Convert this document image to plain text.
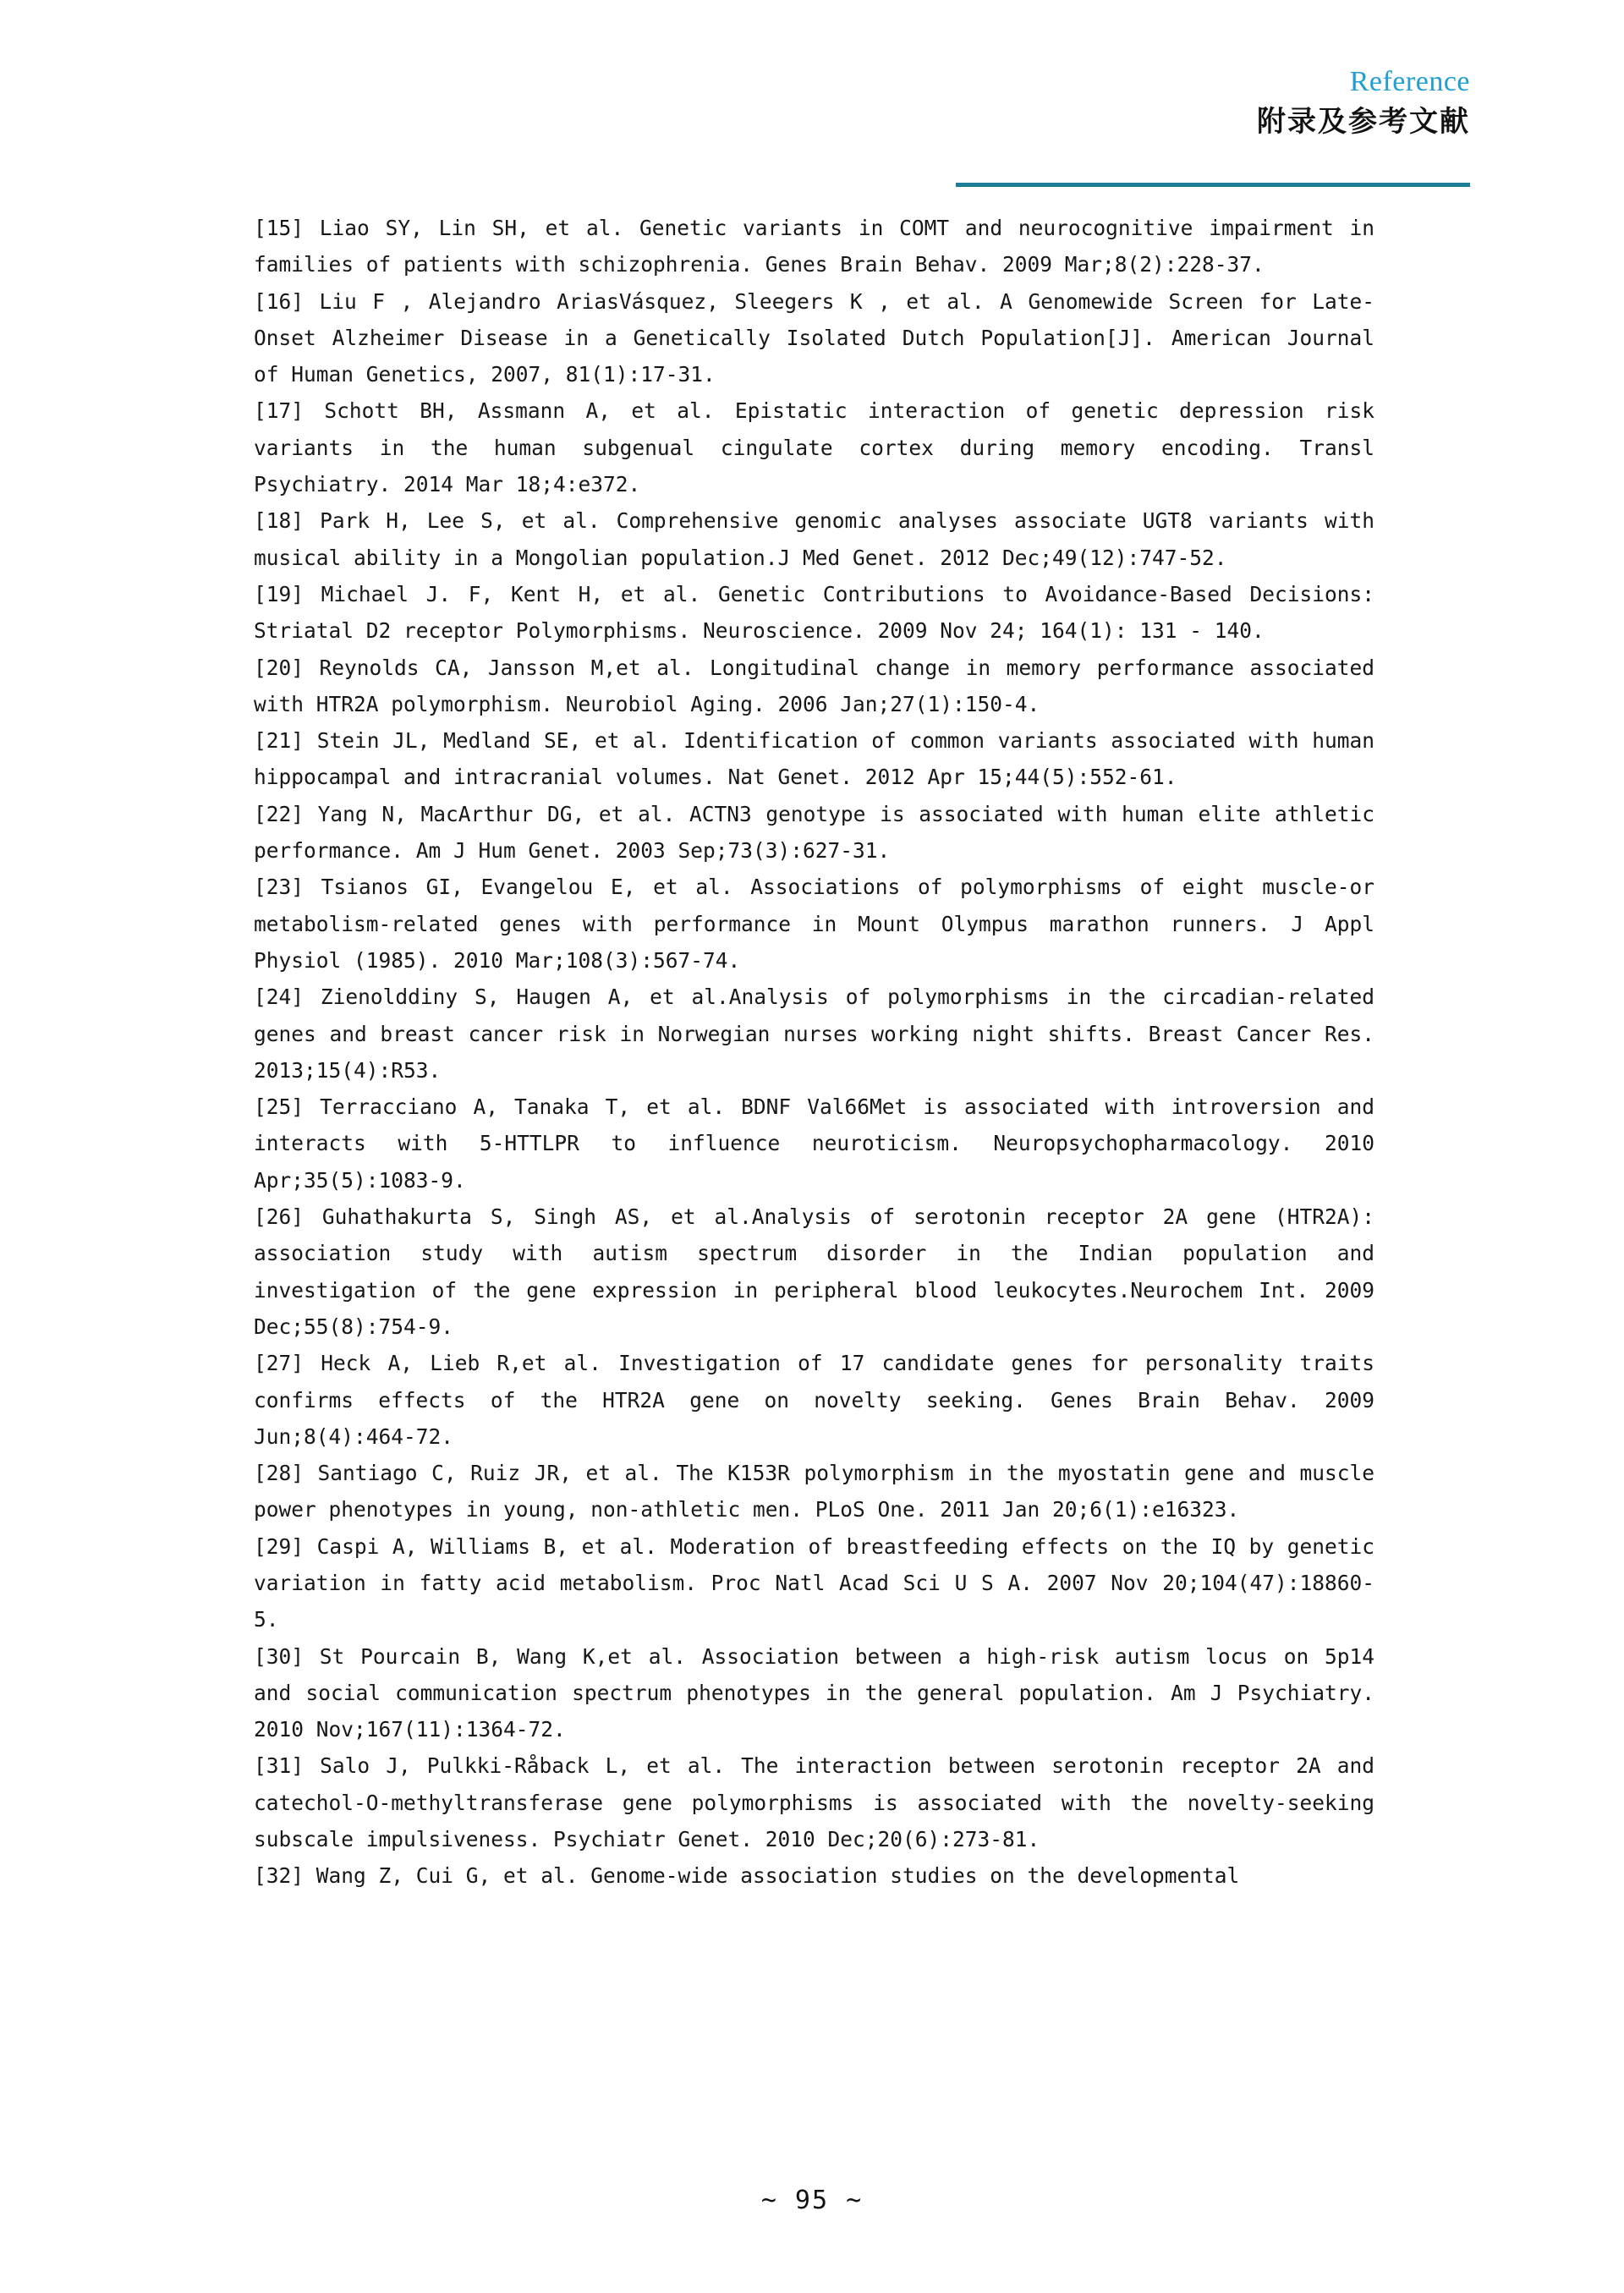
Reference
附录及参考文献

[15] Liao SY, Lin SH, et al. Genetic variants in COMT and neurocognitive impairment in families of patients with schizophrenia. Genes Brain Behav. 2009 Mar;8(2):228-37.

[16] Liu F , Alejandro AriasVásquez, Sleegers K , et al. A Genomewide Screen for Late-Onset Alzheimer Disease in a Genetically Isolated Dutch Population[J]. American Journal of Human Genetics, 2007, 81(1):17-31.

[17] Schott BH, Assmann A, et al. Epistatic interaction of genetic depression risk variants in the human subgenual cingulate cortex during memory encoding. Transl Psychiatry. 2014 Mar 18;4:e372.

[18] Park H, Lee S, et al. Comprehensive genomic analyses associate UGT8 variants with musical ability in a Mongolian population.J Med Genet. 2012 Dec;49(12):747-52.

[19] Michael J. F, Kent H, et al. Genetic Contributions to Avoidance-Based Decisions: Striatal D2 receptor Polymorphisms. Neuroscience. 2009 Nov 24; 164(1): 131 - 140.

[20] Reynolds CA, Jansson M,et al. Longitudinal change in memory performance associated with HTR2A polymorphism. Neurobiol Aging. 2006 Jan;27(1):150-4.

[21] Stein JL, Medland SE, et al. Identification of common variants associated with human hippocampal and intracranial volumes. Nat Genet. 2012 Apr 15;44(5):552-61.

[22] Yang N, MacArthur DG, et al. ACTN3 genotype is associated with human elite athletic performance. Am J Hum Genet. 2003 Sep;73(3):627-31.

[23] Tsianos GI, Evangelou E, et al. Associations of polymorphisms of eight muscle-or metabolism-related genes with performance in Mount Olympus marathon runners. J Appl Physiol (1985). 2010 Mar;108(3):567-74.

[24] Zienolddiny S, Haugen A, et al.Analysis of polymorphisms in the circadian-related genes and breast cancer risk in Norwegian nurses working night shifts. Breast Cancer Res. 2013;15(4):R53.

[25] Terracciano A, Tanaka T, et al. BDNF Val66Met is associated with introversion and interacts with 5-HTTLPR to influence neuroticism. Neuropsychopharmacology. 2010 Apr;35(5):1083-9.

[26] Guhathakurta S, Singh AS, et al.Analysis of serotonin receptor 2A gene (HTR2A): association study with autism spectrum disorder in the Indian population and investigation of the gene expression in peripheral blood leukocytes.Neurochem Int. 2009 Dec;55(8):754-9.

[27] Heck A, Lieb R,et al. Investigation of 17 candidate genes for personality traits confirms effects of the HTR2A gene on novelty seeking. Genes Brain Behav. 2009 Jun;8(4):464-72.

[28] Santiago C, Ruiz JR, et al. The K153R polymorphism in the myostatin gene and muscle power phenotypes in young, non-athletic men. PLoS One. 2011 Jan 20;6(1):e16323.

[29] Caspi A, Williams B, et al. Moderation of breastfeeding effects on the IQ by genetic variation in fatty acid metabolism. Proc Natl Acad Sci U S A. 2007 Nov 20;104(47):18860-5.

[30] St Pourcain B, Wang K,et al. Association between a high-risk autism locus on 5p14 and social communication spectrum phenotypes in the general population. Am J Psychiatry. 2010 Nov;167(11):1364-72.

[31] Salo J, Pulkki-Råback L, et al. The interaction between serotonin receptor 2A and catechol-O-methyltransferase gene polymorphisms is associated with the novelty-seeking subscale impulsiveness. Psychiatr Genet. 2010 Dec;20(6):273-81.

[32] Wang Z, Cui G, et al. Genome-wide association studies on the developmental

~ 95 ~
